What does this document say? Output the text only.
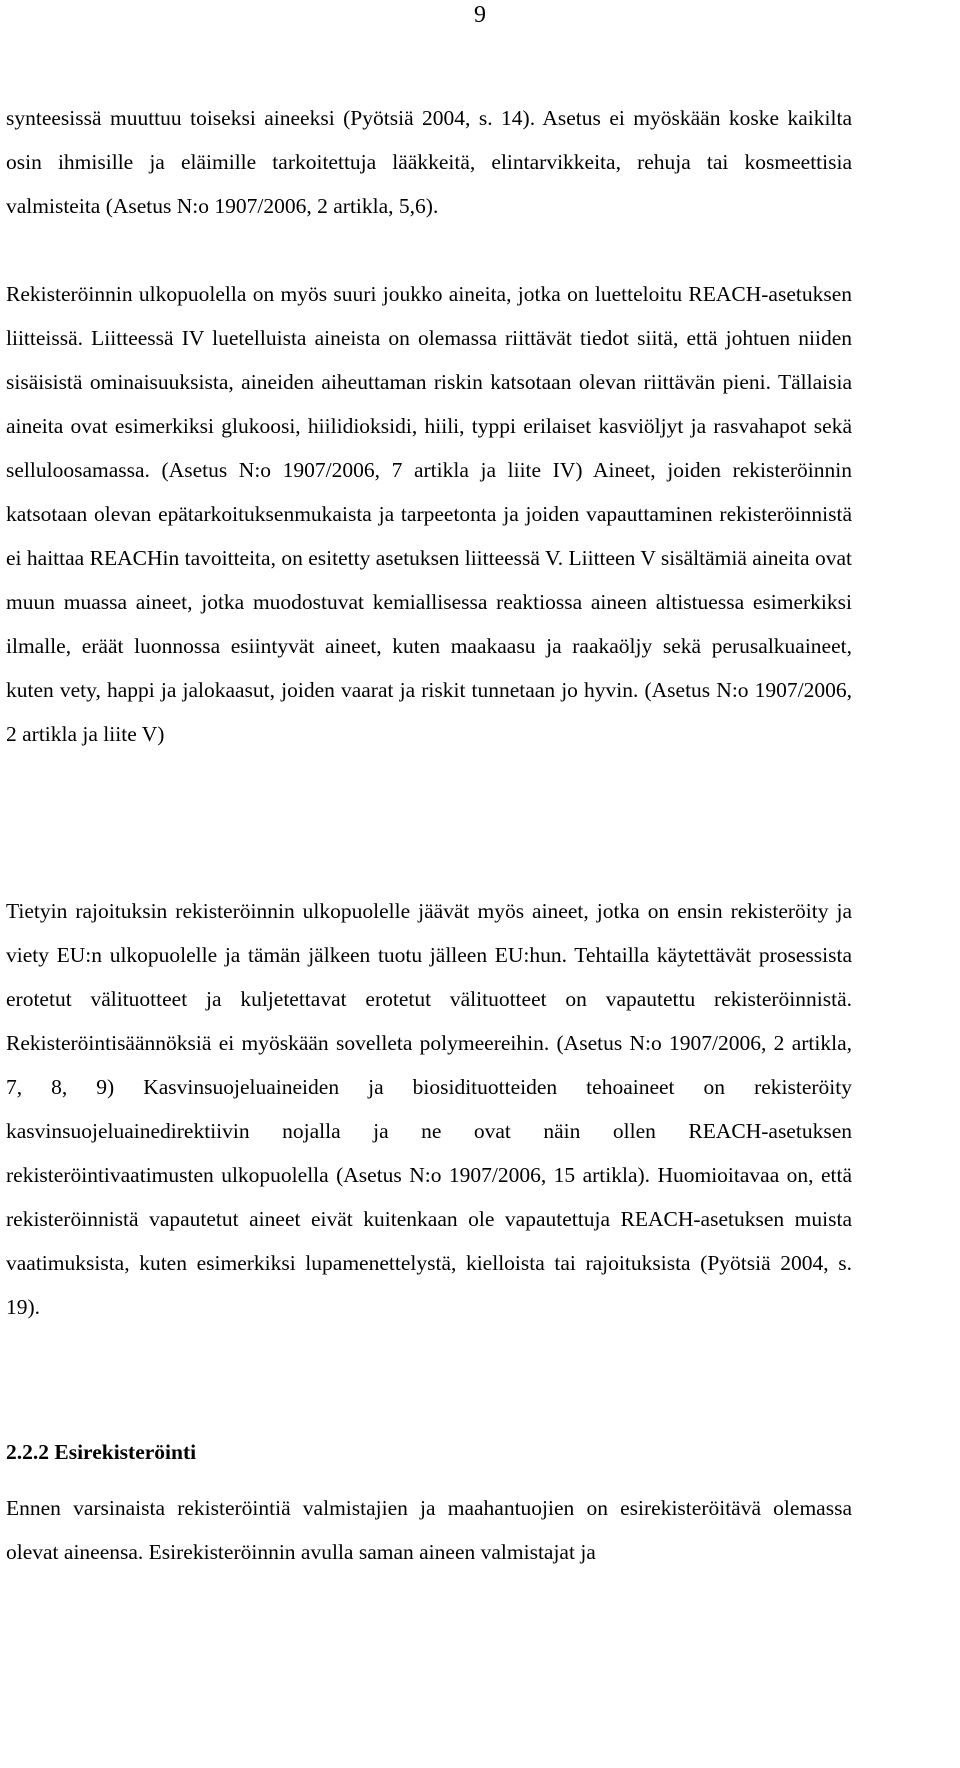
9

synteesissä muuttuu toiseksi aineeksi (Pyötsiä 2004, s. 14). Asetus ei myöskään koske kaikilta osin ihmisille ja eläimille tarkoitettuja lääkkeitä, elintarvikkeita, rehuja tai kosmeettisia valmisteita (Asetus N:o 1907/2006, 2 artikla, 5,6).

Rekisteröinnin ulkopuolella on myös suuri joukko aineita, jotka on luetteloitu REACH-asetuksen liitteissä. Liitteessä IV luetelluista aineista on olemassa riittävät tiedot siitä, että johtuen niiden sisäisistä ominaisuuksista, aineiden aiheuttaman riskin katsotaan olevan riittävän pieni. Tällaisia aineita ovat esimerkiksi glukoosi, hiilidioksidi, hiili, typpi erilaiset kasviöljyt ja rasvahapot sekä selluloosamassa. (Asetus N:o 1907/2006, 7 artikla ja liite IV) Aineet, joiden rekisteröinnin katsotaan olevan epätarkoituksenmukaista ja tarpeetonta ja joiden vapauttaminen rekisteröinnistä ei haittaa REACHin tavoitteita, on esitetty asetuksen liitteessä V. Liitteen V sisältämiä aineita ovat muun muassa aineet, jotka muodostuvat kemiallisessa reaktiossa aineen altistuessa esimerkiksi ilmalle, eräät luonnossa esiintyvät aineet, kuten maakaasu ja raakaöljy sekä perusalkuaineet, kuten vety, happi ja jalokaasut, joiden vaarat ja riskit tunnetaan jo hyvin. (Asetus N:o 1907/2006, 2 artikla ja liite V)

Tietyin rajoituksin rekisteröinnin ulkopuolelle jäävät myös aineet, jotka on ensin rekisteröity ja viety EU:n ulkopuolelle ja tämän jälkeen tuotu jälleen EU:hun. Tehtailla käytettävät prosessista erotetut välituotteet ja kuljetettavat erotetut välituotteet on vapautettu rekisteröinnistä. Rekisteröintisäännöksiä ei myöskään sovelleta polymeereihin. (Asetus N:o 1907/2006, 2 artikla, 7, 8, 9) Kasvinsuojeluaineiden ja biosidituotteiden tehoaineet on rekisteröity kasvinsuojeluainedirektiivin nojalla ja ne ovat näin ollen REACH-asetuksen rekisteröintivaatimusten ulkopuolella (Asetus N:o 1907/2006, 15 artikla). Huomioitavaa on, että rekisteröinnistä vapautetut aineet eivät kuitenkaan ole vapautettuja REACH-asetuksen muista vaatimuksista, kuten esimerkiksi lupamenettelystä, kielloista tai rajoituksista (Pyötsiä 2004, s. 19).

2.2.2 Esirekisteröinti

Ennen varsinaista rekisteröintiä valmistajien ja maahantuojien on esirekisteröitävä olemassa olevat aineensa. Esirekisteröinnin avulla saman aineen valmistajat ja
